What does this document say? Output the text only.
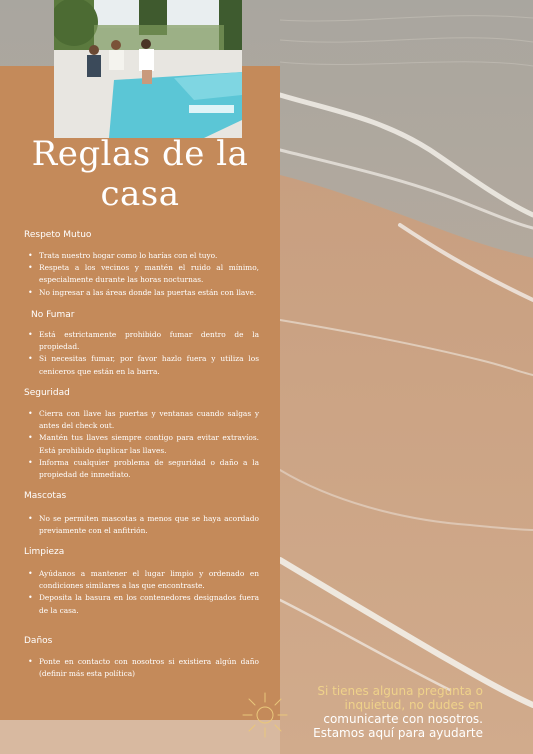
Reglas de la
casa
Respeto Mutuo
• Trata nuestro hogar como lo harías con el tuyo.
• Respeta a los vecinos y mantén el ruido al mínimo, especialmente durante las horas nocturnas.
• No ingresar a las áreas donde las puertas están con llave.
No Fumar
• Está estrictamente prohibido fumar dentro de la propiedad.
• Si necesitas fumar, por favor hazlo fuera y utiliza los ceniceros que están en la barra.
Seguridad
• Cierra con llave las puertas y ventanas cuando salgas y antes del check out.
• Mantén tus llaves siempre contigo para evitar extravíos. Está prohibido duplicar las llaves.
• Informa cualquier problema de seguridad o daño a la propiedad de inmediato.
Mascotas
• No se permiten mascotas a menos que se haya acordado previamente con el anfitrión.
Limpieza
• Ayúdanos a mantener el lugar limpio y ordenado en condiciones similares a las que encontraste.
• Deposita la basura en los contenedores designados fuera de la casa.
Daños
• Ponte en contacto con nosotros si existiera algún daño (definir más esta política)
Si tienes alguna pregunta o
inquietud, no dudes en
comunicarte con nosotros.
Estamos aquí para ayudarte
